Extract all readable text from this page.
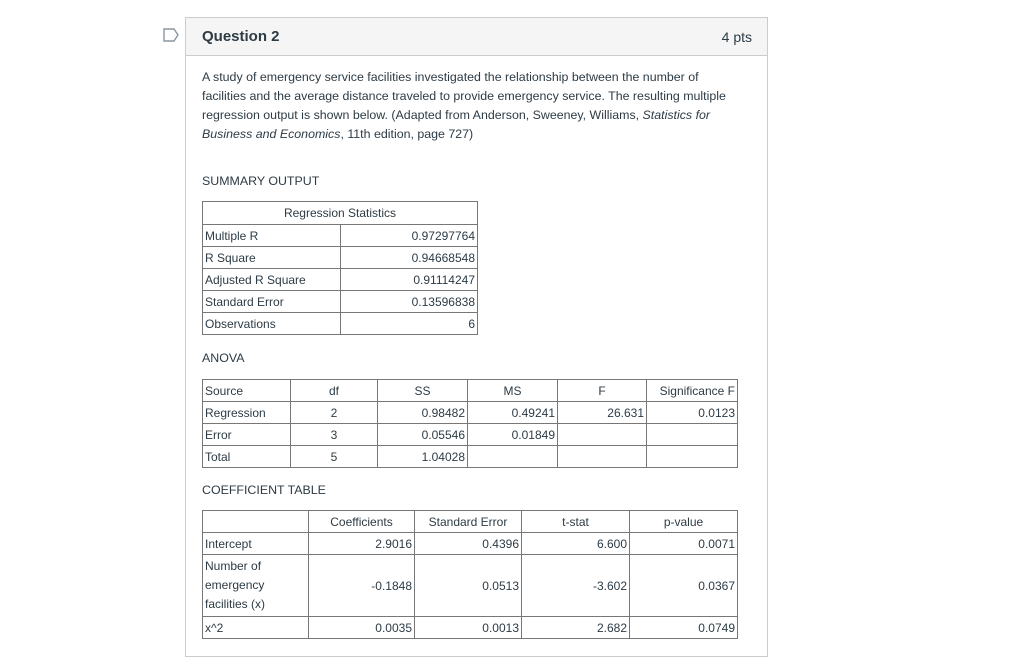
Question 2	4 pts
A study of emergency service facilities investigated the relationship between the number of facilities and the average distance traveled to provide emergency service. The resulting multiple regression output is shown below. (Adapted from Anderson, Sweeney, Williams, Statistics for Business and Economics, 11th edition, page 727)
SUMMARY OUTPUT
Regression Statistics	
Multiple R	0.97297764
R Square	0.94668548
Adjusted R Square	0.91114247
Standard Error	0.13596838
Observations	6
ANOVA
Source	df	SS	MS	F	Significance F
Regression	2	0.98482	0.49241	26.631	0.0123
Error	3	0.05546	0.01849		
Total	5	1.04028			
COEFFICIENT TABLE
	Coefficients	Standard Error	t-stat	p-value
Intercept	2.9016	0.4396	6.600	0.0071
Number of emergency facilities (x)	-0.1848	0.0513	-3.602	0.0367
x^2	0.0035	0.0013	2.682	0.0749
